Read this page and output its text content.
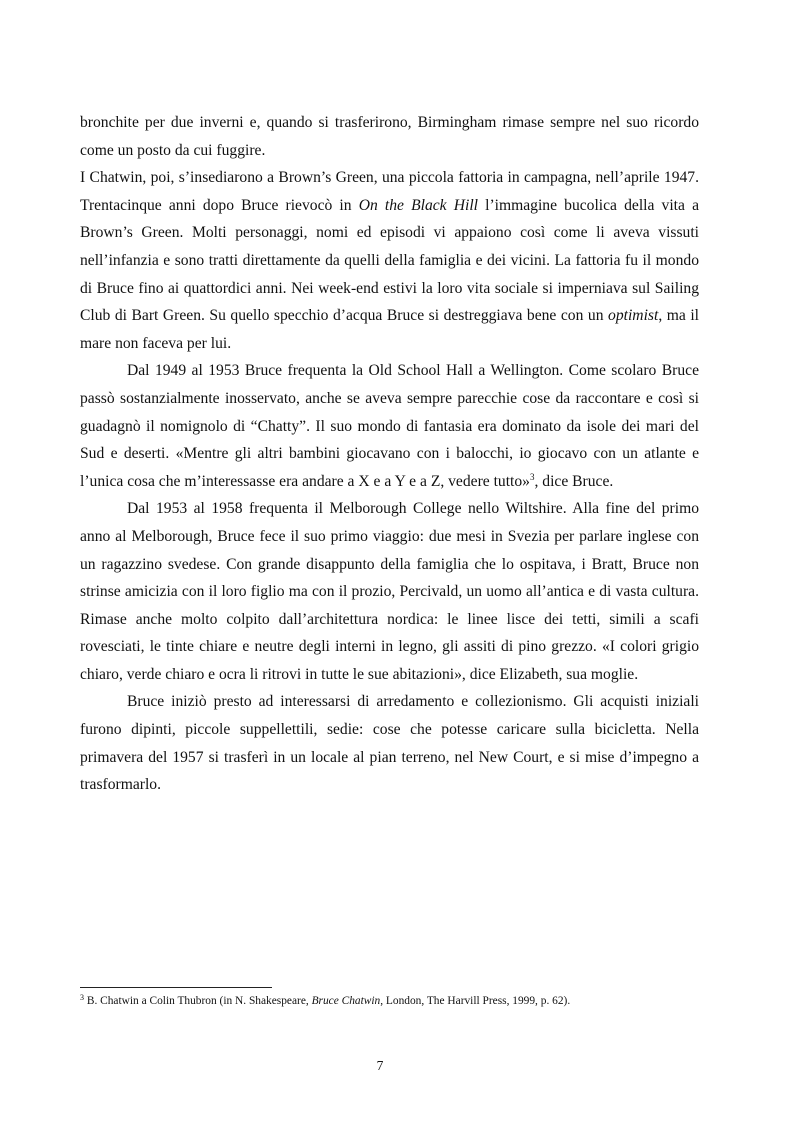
bronchite per due inverni e, quando si trasferirono, Birmingham rimase sempre nel suo ricordo come un posto da cui fuggire.

I Chatwin, poi, s’insediarono a Brown’s Green, una piccola fattoria in campagna, nell’aprile 1947. Trentacinque anni dopo Bruce rievocò in On the Black Hill l’immagine bucolica della vita a Brown’s Green. Molti personaggi, nomi ed episodi vi appaiono così come li aveva vissuti nell’infanzia e sono tratti direttamente da quelli della famiglia e dei vicini. La fattoria fu il mondo di Bruce fino ai quattordici anni. Nei week-end estivi la loro vita sociale si imperniava sul Sailing Club di Bart Green. Su quello specchio d’acqua Bruce si destreggiava bene con un optimist, ma il mare non faceva per lui.

Dal 1949 al 1953 Bruce frequenta la Old School Hall a Wellington. Come scolaro Bruce passò sostanzialmente inosservato, anche se aveva sempre parecchie cose da raccontare e così si guadagnò il nomignolo di “Chatty”. Il suo mondo di fantasia era dominato da isole dei mari del Sud e deserti. «Mentre gli altri bambini giocavano con i balocchi, io giocavo con un atlante e l’unica cosa che m’interessasse era andare a X e a Y e a Z, vedere tutto»$^3$, dice Bruce.

Dal 1953 al 1958 frequenta il Melborough College nello Wiltshire. Alla fine del primo anno al Melborough, Bruce fece il suo primo viaggio: due mesi in Svezia per parlare inglese con un ragazzino svedese. Con grande disappunto della famiglia che lo ospitava, i Bratt, Bruce non strinse amicizia con il loro figlio ma con il prozio, Percivald, un uomo all’antica e di vasta cultura. Rimase anche molto colpito dall’architettura nordica: le linee lisce dei tetti, simili a scafi rovesciati, le tinte chiare e neutre degli interni in legno, gli assiti di pino grezzo. «I colori grigio chiaro, verde chiaro e ocra li ritrovi in tutte le sue abitazioni», dice Elizabeth, sua moglie.

Bruce iniziò presto ad interessarsi di arredamento e collezionismo. Gli acquisti iniziali furono dipinti, piccole suppellettili, sedie: cose che potesse caricare sulla bicicletta. Nella primavera del 1957 si trasferì in un locale al pian terreno, nel New Court, e si mise d’impegno a trasformarlo.

$^3$ B. Chatwin a Colin Thubron (in N. Shakespeare, Bruce Chatwin, London, The Harvill Press, 1999, p. 62).
7
